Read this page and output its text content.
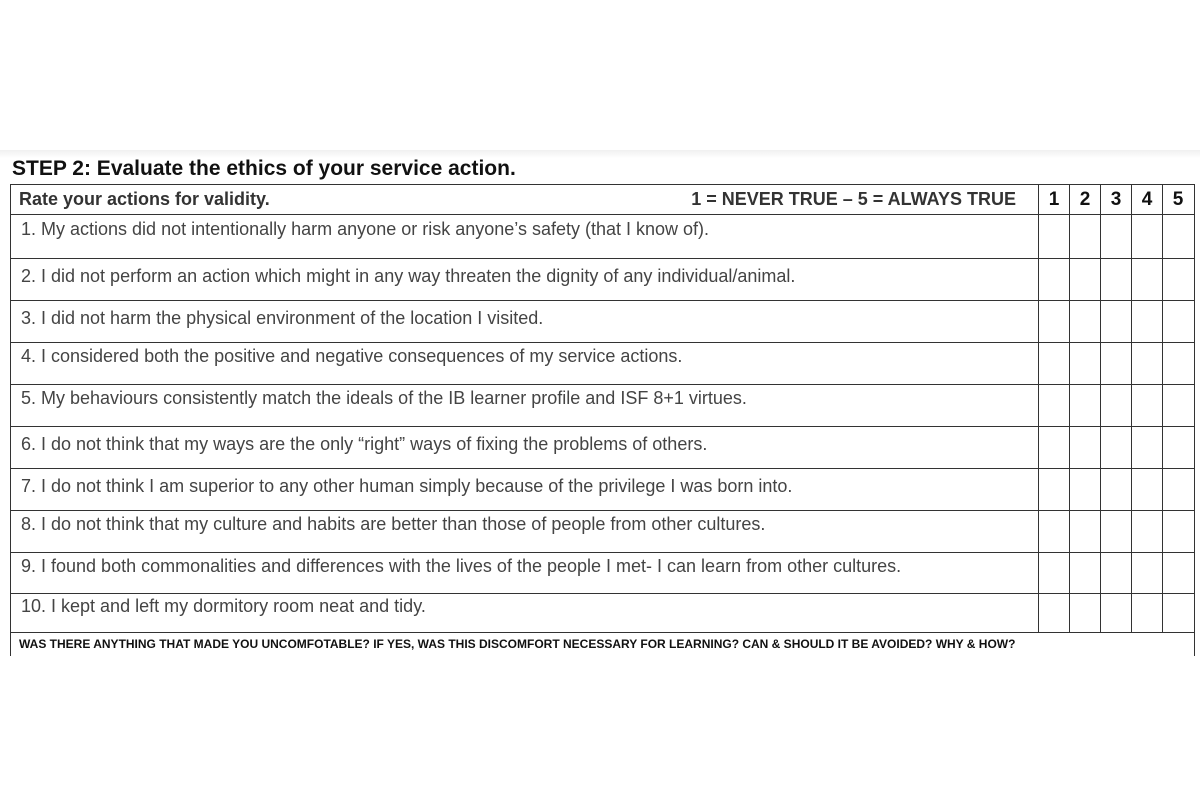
STEP 2: Evaluate the ethics of your service action.
Rate your actions for validity.	1 = NEVER TRUE – 5 = ALWAYS TRUE	1	2	3	4	5
1. My actions did not intentionally harm anyone or risk anyone’s safety (that I know of).
2. I did not perform an action which might in any way threaten the dignity of any individual/animal.
3. I did not harm the physical environment of the location I visited.
4. I considered both the positive and negative consequences of my service actions.
5. My behaviours consistently match the ideals of the IB learner profile and ISF 8+1 virtues.
6. I do not think that my ways are the only “right” ways of fixing the problems of others.
7. I do not think I am superior to any other human simply because of the privilege I was born into.
8. I do not think that my culture and habits are better than those of people from other cultures.
9. I found both commonalities and differences with the lives of the people I met- I can learn from other cultures.
10. I kept and left my dormitory room neat and tidy.
WAS THERE ANYTHING THAT MADE YOU UNCOMFOTABLE? IF YES, WAS THIS DISCOMFORT NECESSARY FOR LEARNING? CAN & SHOULD IT BE AVOIDED? WHY & HOW?
